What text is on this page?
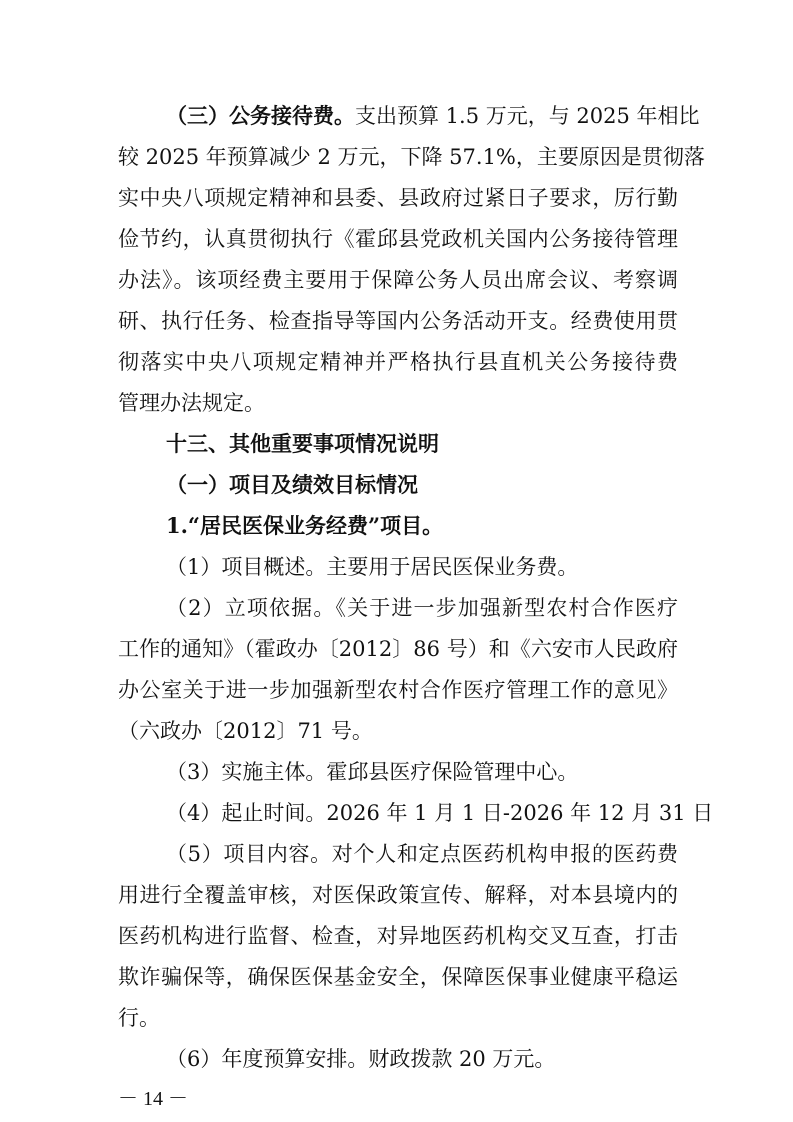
（三）公务接待费。支出预算 1.5 万元，与 2025 年相比
较 2025 年预算减少 2 万元，下降 57.1%，主要原因是贯彻落
实中央八项规定精神和县委、县政府过紧日子要求，厉行勤
俭节约，认真贯彻执行《霍邱县党政机关国内公务接待管理
办法》。该项经费主要用于保障公务人员出席会议、考察调
研、执行任务、检查指导等国内公务活动开支。经费使用贯
彻落实中央八项规定精神并严格执行县直机关公务接待费
管理办法规定。
十三、其他重要事项情况说明
（一）项目及绩效目标情况
1.“居民医保业务经费”项目。
（1）项目概述。主要用于居民医保业务费。
（2）立项依据。《关于进一步加强新型农村合作医疗
工作的通知》（霍政办〔2012〕86 号）和《六安市人民政府
办公室关于进一步加强新型农村合作医疗管理工作的意见》
（六政办〔2012〕71 号。
（3）实施主体。霍邱县医疗保险管理中心。
（4）起止时间。2026 年 1 月 1 日-2026 年 12 月 31 日
（5）项目内容。对个人和定点医药机构申报的医药费
用进行全覆盖审核，对医保政策宣传、解释，对本县境内的
医药机构进行监督、检查，对异地医药机构交叉互查，打击
欺诈骗保等，确保医保基金安全，保障医保事业健康平稳运
行。
（6）年度预算安排。财政拨款 20 万元。
－ 14 －
